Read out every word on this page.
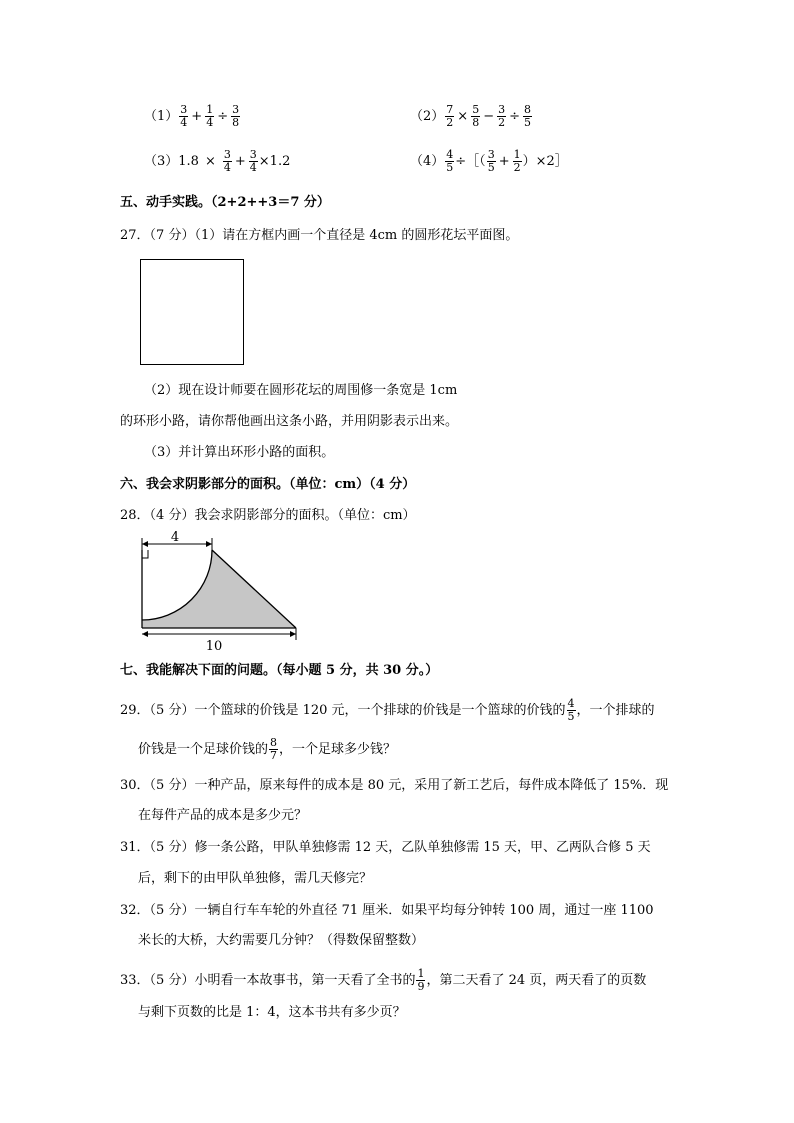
$(1) \frac{3}{4} + \frac{1}{4} \div \frac{3}{8}$	$(2) \frac{7}{2} \times \frac{5}{8} - \frac{3}{2} \div \frac{8}{5}$
$(3)1.8 \times \frac{3}{4} + \frac{3}{4} \times 1.2$	$(4) \frac{4}{5}$ ÷［（ $\frac{3}{5} + \frac{1}{2}$ ）×2］
五、动手实践。（2+2++3＝7 分）
27．（7 分）（1）请在方框内画一个直径是 4cm 的圆形花坛平面图。
（2）现在设计师要在圆形花坛的周围修一条宽是 1cm
的环形小路，请你帮他画出这条小路，并用阴影表示出来。
（3）并计算出环形小路的面积。
六、我会求阴影部分的面积。（单位：cm）（4 分）
28．（4 分）我会求阴影部分的面积。（单位：cm）
4
10
七、我能解决下面的问题。（每小题 5 分，共 30 分。）
29．（5 分）一个篮球的价钱是 120 元，一个排球的价钱是一个篮球的价钱的 $\frac{4}{5}$ ，一个排球的
价钱是一个足球价钱的 $\frac{8}{7}$ ，一个足球多少钱？
30．（5 分）一种产品，原来每件的成本是 80 元，采用了新工艺后，每件成本降低了 15%．现
在每件产品的成本是多少元？
31．（5 分）修一条公路，甲队单独修需 12 天，乙队单独修需 15 天，甲、乙两队合修 5 天
后，剩下的由甲队单独修，需几天修完？
32．（5 分）一辆自行车车轮的外直径 71 厘米．如果平均每分钟转 100 周，通过一座 1100
米长的大桥，大约需要几分钟？（得数保留整数）
33．（5 分）小明看一本故事书，第一天看了全书的 $\frac{1}{9}$ ，第二天看了 24 页，两天看了的页数
与剩下页数的比是 1：4，这本书共有多少页？
